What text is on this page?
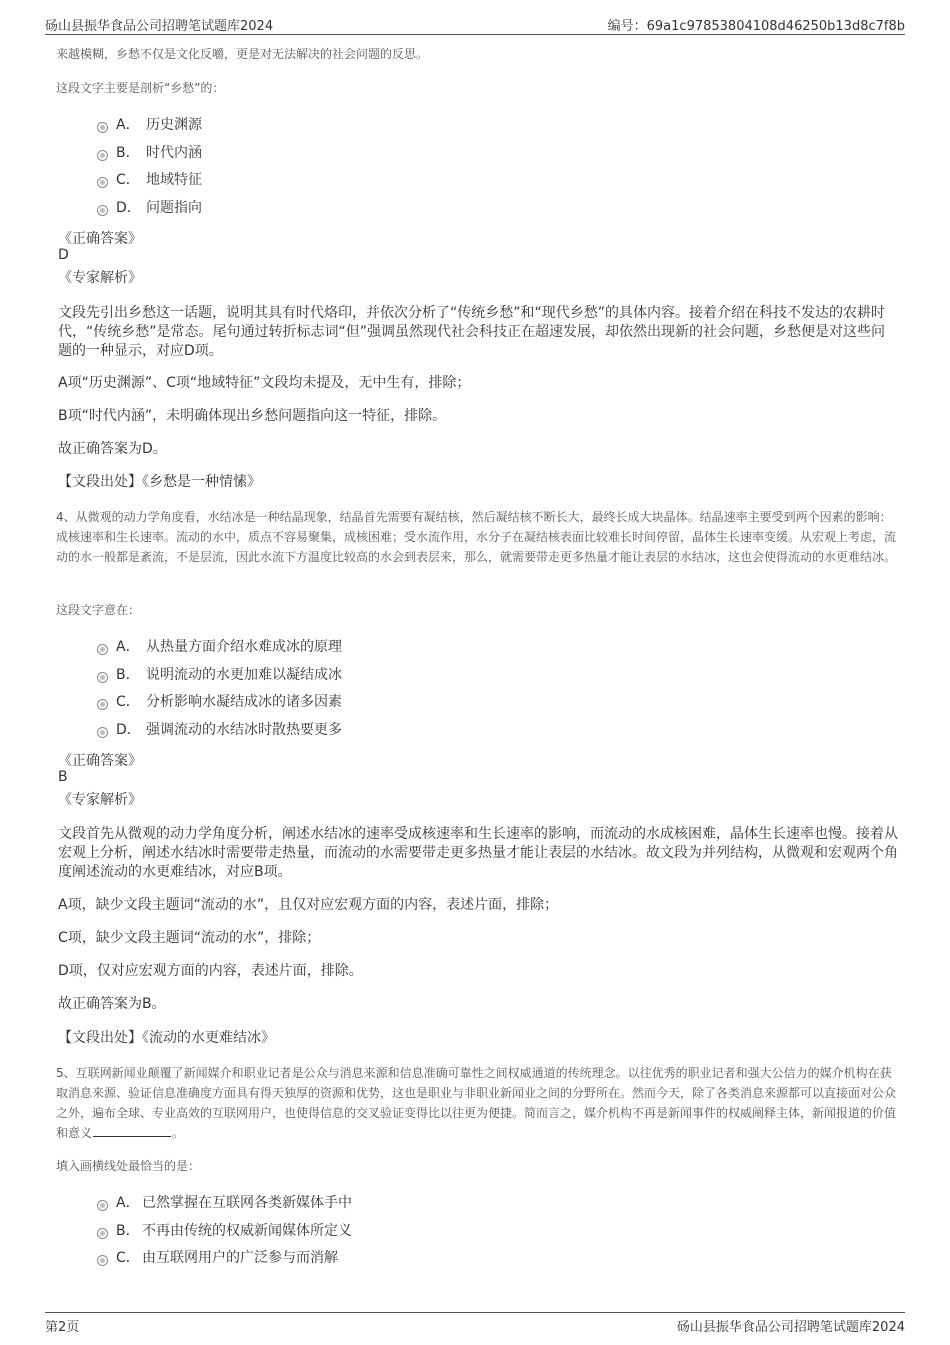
砀山县振华食品公司招聘笔试题库2024	编号：69a1c97853804108d46250b13d8c7f8b
来越模糊，乡愁不仅是文化反嚼，更是对无法解决的社会问题的反思。
这段文字主要是剖析“乡愁”的：
A． 历史渊源
B． 时代内涵
C． 地域特征
D． 问题指向
《正确答案》
D
《专家解析》
文段先引出乡愁这一话题，说明其具有时代烙印，并依次分析了“传统乡愁”和“现代乡愁”的具体内容。接着介绍在科技不发达的农耕时代，“传统乡愁”是常态。尾句通过转折标志词“但”强调虽然现代社会科技正在超速发展，却依然出现新的社会问题，乡愁便是对这些问题的一种显示，对应D项。
A项“历史渊源”、C项“地域特征”文段均未提及，无中生有，排除；
B项“时代内涵”，未明确体现出乡愁问题指向这一特征，排除。
故正确答案为D。
【文段出处】《乡愁是一种情愫》
4、从微观的动力学角度看，水结冰是一种结晶现象，结晶首先需要有凝结核，然后凝结核不断长大，最终长成大块晶体。结晶速率主要受到两个因素的影响：成核速率和生长速率。流动的水中，质点不容易聚集，成核困难；受水流作用，水分子在凝结核表面比较难长时间停留，晶体生长速率变缓。从宏观上考虑，流动的水一般都是紊流，不是层流，因此水流下方温度比较高的水会到表层来，那么，就需要带走更多热量才能让表层的水结冰，这也会使得流动的水更难结冰。
这段文字意在：
A． 从热量方面介绍水难成冰的原理
B． 说明流动的水更加难以凝结成冰
C． 分析影响水凝结成冰的诸多因素
D． 强调流动的水结冰时散热要更多
《正确答案》
B
《专家解析》
文段首先从微观的动力学角度分析，阐述水结冰的速率受成核速率和生长速率的影响，而流动的水成核困难，晶体生长速率也慢。接着从宏观上分析，阐述水结冰时需要带走热量，而流动的水需要带走更多热量才能让表层的水结冰。故文段为并列结构，从微观和宏观两个角度阐述流动的水更难结冰，对应B项。
A项，缺少文段主题词“流动的水”，且仅对应宏观方面的内容，表述片面，排除；
C项，缺少文段主题词“流动的水”，排除；
D项，仅对应宏观方面的内容，表述片面，排除。
故正确答案为B。
【文段出处】《流动的水更难结冰》
5、互联网新闻业颠覆了新闻媒介和职业记者是公众与消息来源和信息准确可靠性之间权威通道的传统理念。以往优秀的职业记者和强大公信力的媒介机构在获取消息来源、验证信息准确度方面具有得天独厚的资源和优势，这也是职业与非职业新闻业之间的分野所在。然而今天，除了各类消息来源都可以直接面对公众之外，遍布全球、专业高效的互联网用户，也使得信息的交叉验证变得比以往更为便捷。简而言之，媒介机构不再是新闻事件的权威阐释主体，新闻报道的价值和意义	。
填入画横线处最恰当的是：
A． 已然掌握在互联网各类新媒体手中
B． 不再由传统的权威新闻媒体所定义
C． 由互联网用户的广泛参与而消解
第2页	砀山县振华食品公司招聘笔试题库2024
